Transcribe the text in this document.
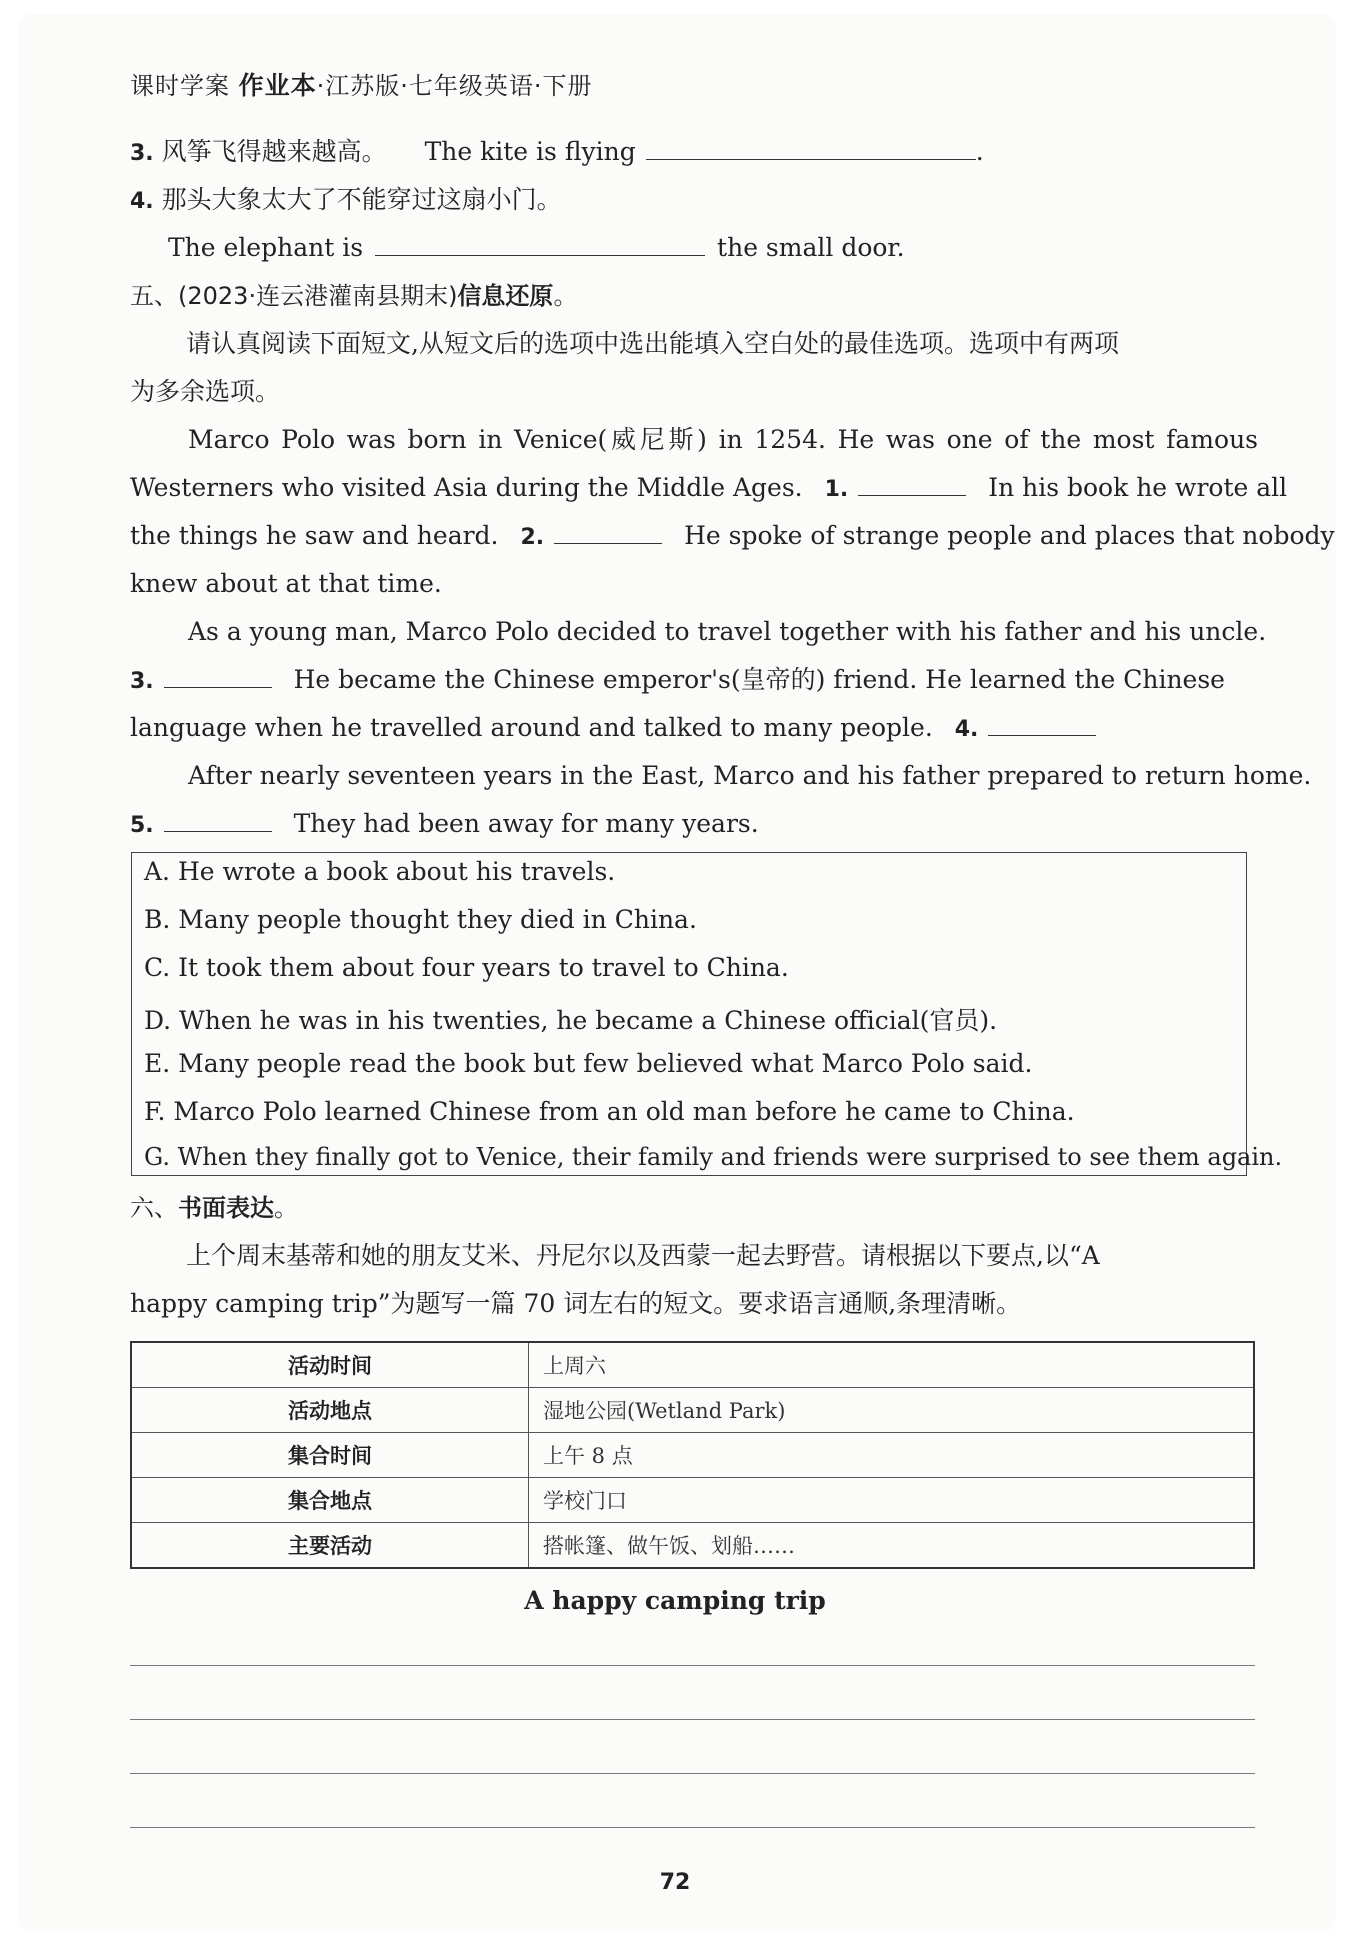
课时学案 作业本·江苏版·七年级英语·下册
3. 风筝飞得越来越高。 The kite is flying	.
4. 那头大象太大了不能穿过这扇小门。
The elephant is	the small door.
五、(2023·连云港灌南县期末)信息还原。
请认真阅读下面短文,从短文后的选项中选出能填入空白处的最佳选项。选项中有两项
为多余选项。
Marco Polo was born in Venice(威尼斯) in 1254. He was one of the most famous
Westerners who visited Asia during the Middle Ages. 1.	In his book he wrote all
the things he saw and heard. 2.	He spoke of strange people and places that nobody
knew about at that time.
As a young man, Marco Polo decided to travel together with his father and his uncle.
3.	He became the Chinese emperor's(皇帝的) friend. He learned the Chinese
language when he travelled around and talked to many people. 4.
After nearly seventeen years in the East, Marco and his father prepared to return home.
5.	They had been away for many years.
A. He wrote a book about his travels.
B. Many people thought they died in China.
C. It took them about four years to travel to China.
D. When he was in his twenties, he became a Chinese official(官员).
E. Many people read the book but few believed what Marco Polo said.
F. Marco Polo learned Chinese from an old man before he came to China.
G. When they finally got to Venice, their family and friends were surprised to see them again.
六、书面表达。
上个周末基蒂和她的朋友艾米、丹尼尔以及西蒙一起去野营。请根据以下要点,以“A
happy camping trip”为题写一篇 70 词左右的短文。要求语言通顺,条理清晰。
活动时间	上周六
活动地点	湿地公园(Wetland Park)
集合时间	上午 8 点
集合地点	学校门口
主要活动	搭帐篷、做午饭、划船……
A happy camping trip
72
